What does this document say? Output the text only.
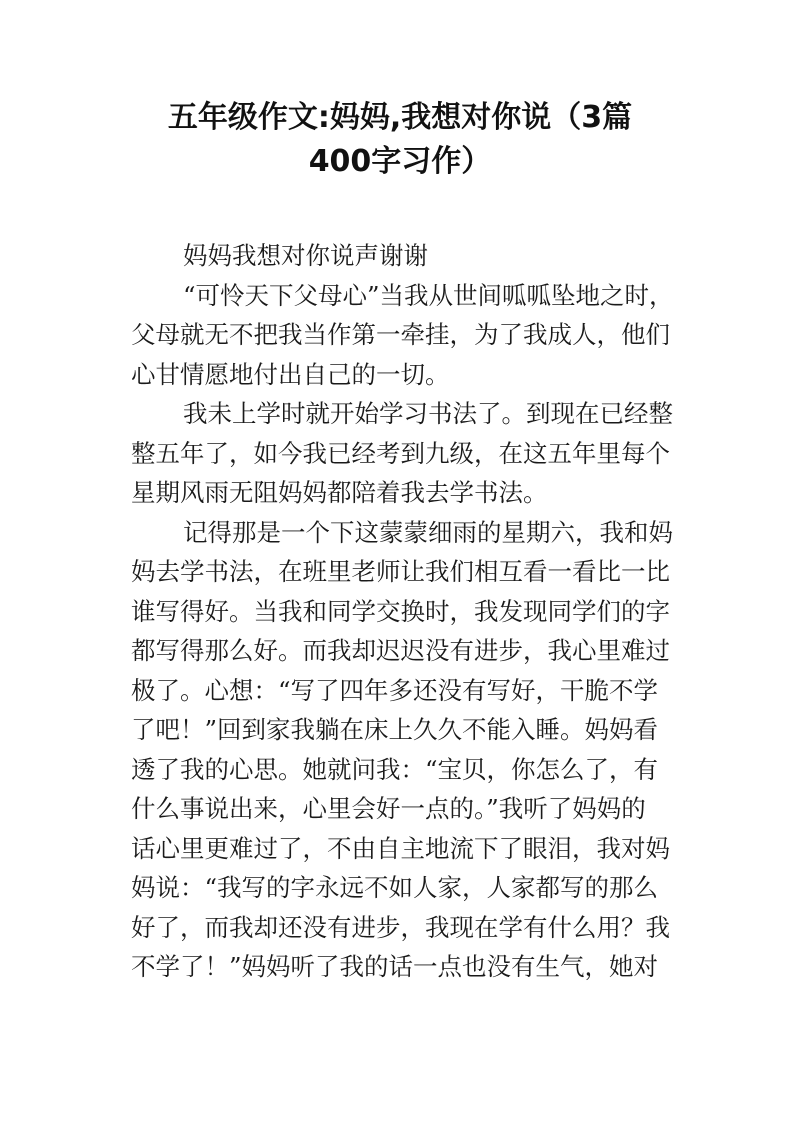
五年级作文:妈妈,我想对你说（3篇
400字习作）
妈妈我想对你说声谢谢
“可怜天下父母心”当我从世间呱呱坠地之时，
父母就无不把我当作第一牵挂，为了我成人，他们
心甘情愿地付出自己的一切。
我未上学时就开始学习书法了。到现在已经整
整五年了，如今我已经考到九级，在这五年里每个
星期风雨无阻妈妈都陪着我去学书法。
记得那是一个下这蒙蒙细雨的星期六，我和妈
妈去学书法，在班里老师让我们相互看一看比一比
谁写得好。当我和同学交换时，我发现同学们的字
都写得那么好。而我却迟迟没有进步，我心里难过
极了。心想：“写了四年多还没有写好，干脆不学
了吧！”回到家我躺在床上久久不能入睡。妈妈看
透了我的心思。她就问我：“宝贝，你怎么了，有
什么事说出来，心里会好一点的。”我听了妈妈的
话心里更难过了，不由自主地流下了眼泪，我对妈
妈说：“我写的字永远不如人家，人家都写的那么
好了，而我却还没有进步，我现在学有什么用？我
不学了！”妈妈听了我的话一点也没有生气，她对
